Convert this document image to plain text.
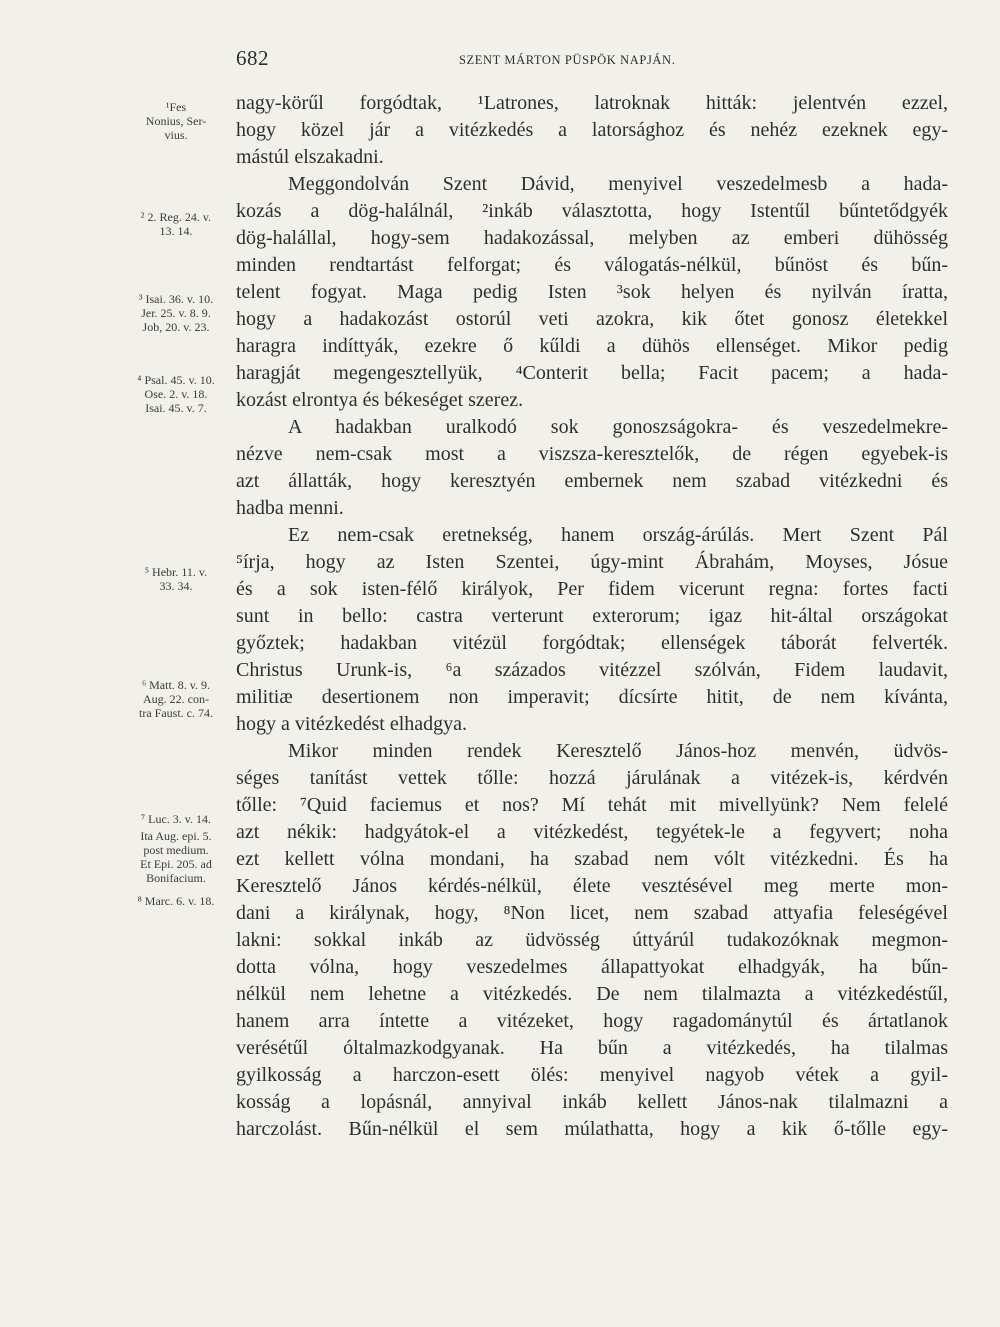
682	SZENT MÁRTON PÜSPÖK NAPJÁN.
¹Fes
Nonius, Ser-
vius.
² 2. Reg. 24. v.
13. 14.
³ Isai. 36. v. 10.
Jer. 25. v. 8. 9.
Job, 20. v. 23.
⁴ Psal. 45. v. 10.
Ose. 2. v. 18.
Isai. 45. v. 7.
⁵ Hebr. 11. v.
33. 34.
⁶ Matt. 8. v. 9.
Aug. 22. con-
tra Faust. c. 74.
⁷ Luc. 3. v. 14.
Ita Aug. epi. 5.
post medium.
Et Epi. 205. ad
Bonifacium.
⁸ Marc. 6. v. 18.
nagy-körűl forgódtak, ¹Latrones, latroknak hitták: jelentvén ezzel,
hogy közel jár a vitézkedés a latorsághoz és nehéz ezeknek egy-
mástúl elszakadni.
Meggondolván Szent Dávid, menyivel veszedelmesb a hada-
kozás a dög-halálnál, ²inkáb választotta, hogy Istentűl bűntetődgyék
dög-halállal, hogy-sem hadakozással, melyben az emberi dühösség
minden rendtartást felforgat; és válogatás-nélkül, bűnöst és bűn-
telent fogyat. Maga pedig Isten ³sok helyen és nyilván íratta,
hogy a hadakozást ostorúl veti azokra, kik őtet gonosz életekkel
haragra indíttyák, ezekre ő kűldi a dühös ellenséget. Mikor pedig
haragját megengesztellyük, ⁴Conterit bella; Facit pacem; a hada-
kozást elrontya és békeséget szerez.
A hadakban uralkodó sok gonoszságokra- és veszedelmekre-
nézve nem-csak most a viszsza-keresztelők, de régen egyebek-is
azt állatták, hogy keresztyén embernek nem szabad vitézkedni és
hadba menni.
Ez nem-csak eretnekség, hanem ország-árúlás. Mert Szent Pál
⁵írja, hogy az Isten Szentei, úgy-mint Ábrahám, Moyses, Jósue
és a sok isten-félő királyok, Per fidem vicerunt regna: fortes facti
sunt in bello: castra verterunt exterorum; igaz hit-által országokat
győztek; hadakban vitézül forgódtak; ellenségek táborát felverték.
Christus Urunk-is, ⁶a százados vitézzel szólván, Fidem laudavit,
militiæ desertionem non imperavit; dícsírte hitit, de nem kívánta,
hogy a vitézkedést elhadgya.
Mikor minden rendek Keresztelő János-hoz menvén, üdvös-
séges tanítást vettek tőlle: hozzá járulának a vitézek-is, kérdvén
tőlle: ⁷Quid faciemus et nos? Mí tehát mit mivellyünk? Nem felelé
azt nékik: hadgyátok-el a vitézkedést, tegyétek-le a fegyvert; noha
ezt kellett vólna mondani, ha szabad nem vólt vitézkedni. És ha
Keresztelő János kérdés-nélkül, élete vesztésével meg merte mon-
dani a királynak, hogy, ⁸Non licet, nem szabad attyafia feleségével
lakni: sokkal inkáb az üdvösség úttyárúl tudakozóknak megmon-
dotta vólna, hogy veszedelmes állapattyokat elhadgyák, ha bűn-
nélkül nem lehetne a vitézkedés. De nem tilalmazta a vitézkedéstűl,
hanem arra íntette a vitézeket, hogy ragadománytúl és ártatlanok
verésétűl óltalmazkodgyanak. Ha bűn a vitézkedés, ha tilalmas
gyilkosság a harczon-esett ölés: menyivel nagyob vétek a gyil-
kosság a lopásnál, annyival inkáb kellett János-nak tilalmazni a
harczolást. Bűn-nélkül el sem múlathatta, hogy a kik ő-tőlle egy-
